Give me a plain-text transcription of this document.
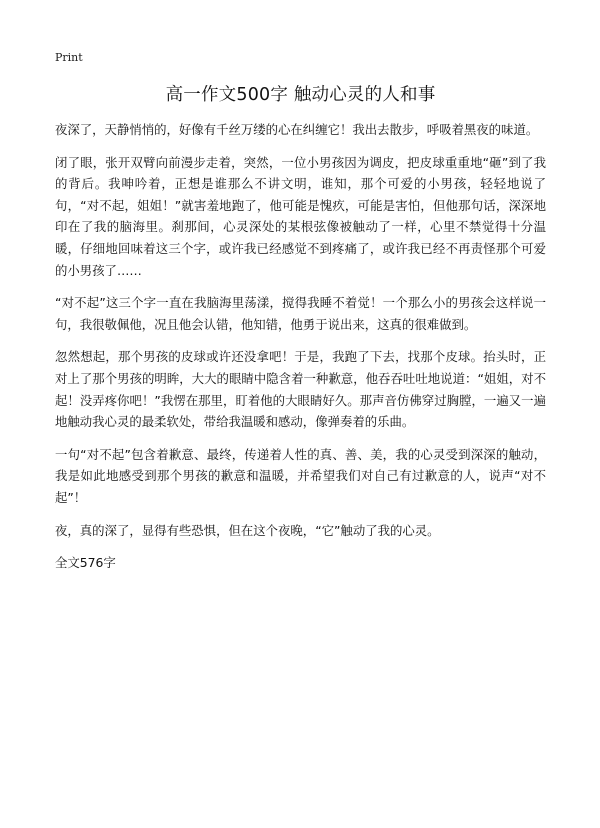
Print
高一作文500字 触动心灵的人和事

夜深了，天静悄悄的，好像有千丝万缕的心在纠缠它！我出去散步，呼吸着黑夜的味道。

闭了眼，张开双臂向前漫步走着，突然，一位小男孩因为调皮，把皮球重重地“砸”到了我的背后。我呻吟着，正想是谁那么不讲文明，谁知，那个可爱的小男孩，轻轻地说了句，“对不起，姐姐！”就害羞地跑了，他可能是愧疚，可能是害怕，但他那句话，深深地印在了我的脑海里。刹那间，心灵深处的某根弦像被触动了一样，心里不禁觉得十分温暖，仔细地回味着这三个字，或许我已经感觉不到疼痛了，或许我已经不再责怪那个可爱的小男孩了……

“对不起”这三个字一直在我脑海里荡漾，搅得我睡不着觉！一个那么小的男孩会这样说一句，我很敬佩他，况且他会认错，他知错，他勇于说出来，这真的很难做到。

忽然想起，那个男孩的皮球或许还没拿吧！于是，我跑了下去，找那个皮球。抬头时，正对上了那个男孩的明眸，大大的眼睛中隐含着一种歉意，他吞吞吐吐地说道：“姐姐，对不起！没弄疼你吧！”我愣在那里，盯着他的大眼睛好久。那声音仿佛穿过胸膛，一遍又一遍地触动我心灵的最柔软处，带给我温暖和感动，像弹奏着的乐曲。

一句“对不起”包含着歉意、最终，传递着人性的真、善、美，我的心灵受到深深的触动，我是如此地感受到那个男孩的歉意和温暖，并希望我们对自己有过歉意的人，说声“对不起”！

夜，真的深了，显得有些恐惧，但在这个夜晚，“它”触动了我的心灵。

全文576字
